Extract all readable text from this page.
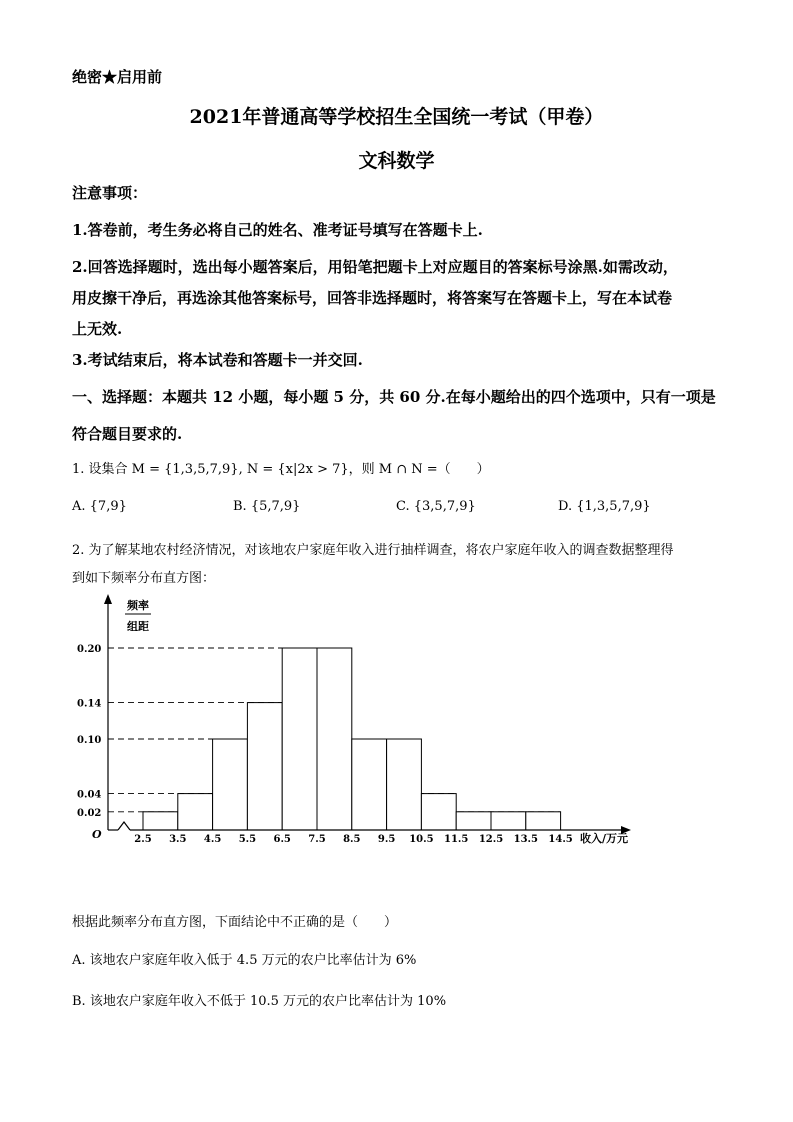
绝密★启用前
2021年普通高等学校招生全国统一考试（甲卷）
文科数学
注意事项：
1.答卷前，考生务必将自己的姓名、准考证号填写在答题卡上.
2.回答选择题时，选出每小题答案后，用铅笔把题卡上对应题目的答案标号涂黑.如需改动，
用皮擦干净后，再选涂其他答案标号，回答非选择题时，将答案写在答题卡上，写在本试卷
上无效.
3.考试结束后，将本试卷和答题卡一并交回.
一、选择题：本题共 12 小题，每小题 5 分，共 60 分.在每小题给出的四个选项中，只有一项是
符合题目要求的.
1. 设集合 M = {1,3,5,7,9}, N = {x|2x > 7}，则 M ∩ N =（　　）
A. {7,9}	B. {5,7,9}	C. {3,5,7,9}	D. {1,3,5,7,9}
2. 为了解某地农村经济情况，对该地农户家庭年收入进行抽样调查，将农户家庭年收入的调查数据整理得
到如下频率分布直方图：
0.02
0.04
0.10
0.14
0.20
2.5 3.5 4.5 5.5 6.5 7.5 8.5 9.5 10.5 11.5 12.5 13.5 14.5
频率
组距
O	收入/万元
根据此频率分布直方图，下面结论中不正确的是（　　）
A. 该地农户家庭年收入低于 4.5 万元的农户比率估计为 6%
B. 该地农户家庭年收入不低于 10.5 万元的农户比率估计为 10%
